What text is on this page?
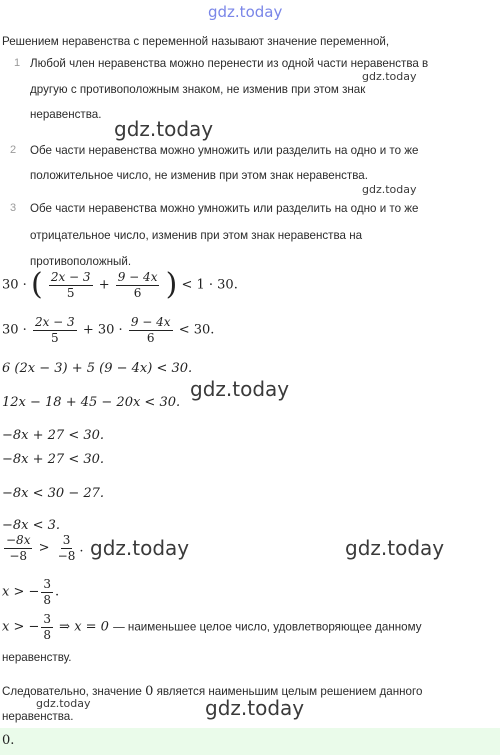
gdz.today
Решением неравенства с переменной называют значение переменной,
1 Любой член неравенства можно перенести из одной части неравенства в
gdz.today
другую с противоположным знаком, не изменив при этом знак
неравенства.
gdz.today
2 Обе части неравенства можно умножить или разделить на одно и то же
положительное число, не изменив при этом знак неравенства.
gdz.today
3 Обе части неравенства можно умножить или разделить на одно и то же
отрицательное число, изменив при этом знак неравенства на
противоположный.
30 · ( $\frac{2x - 3}{5} + \frac{9 - 4x}{6}$ ) < 1 · 30.
$30 \cdot \frac{2x - 3}{5} + 30 \cdot \frac{9 - 4x}{6} < 30$.
6 (2x − 3) + 5 (9 − 4x) < 30.
gdz.today
12x − 18 + 45 − 20x < 30.
−8x + 27 < 30.
−8x + 27 < 30.
−8x < 30 − 27.
−8x < 3.
$\frac{-8x}{-8} > \frac{3}{-8}$ . gdz.today	gdz.today
x > − $\frac{3}{8}$ .
x > − $\frac{3}{8}$ ⇒ x = 0 — наименьшее целое число, удовлетворяющее данному
неравенству.
Следовательно, значение 0 является наименьшим целым решением данного
gdz.today	gdz.today
неравенства.
0.
